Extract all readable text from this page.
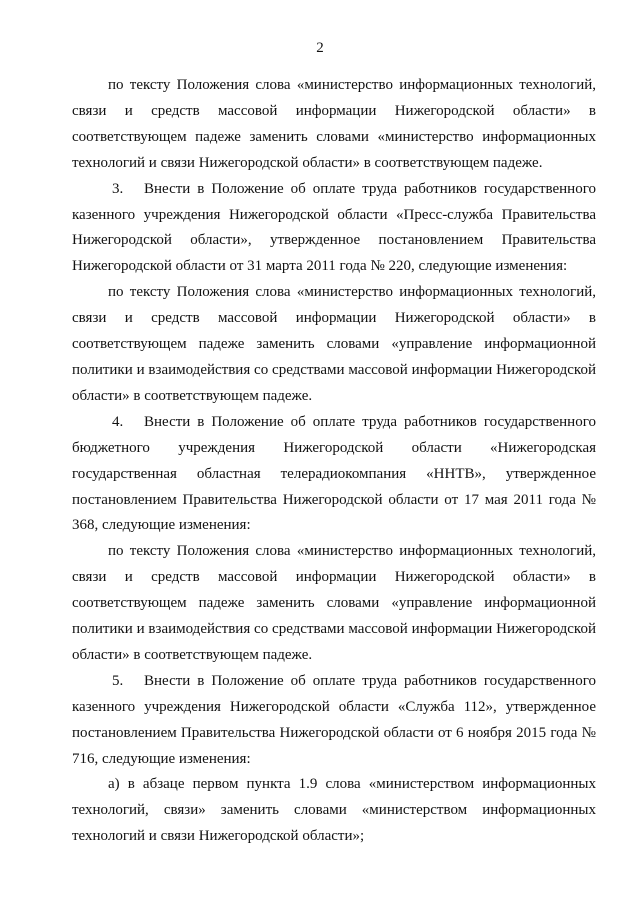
2

по тексту Положения слова «министерство информационных технологий, связи и средств массовой информации Нижегородской области» в соответствующем падеже заменить словами «министерство информационных технологий и связи Нижегородской области» в соответствующем падеже.

3. Внести в Положение об оплате труда работников государственного казенного учреждения Нижегородской области «Пресс-служба Правительства Нижегородской области», утвержденное постановлением Правительства Нижегородской области от 31 марта 2011 года № 220, следующие изменения:

по тексту Положения слова «министерство информационных технологий, связи и средств массовой информации Нижегородской области» в соответствующем падеже заменить словами «управление информационной политики и взаимодействия со средствами массовой информации Нижегородской области» в соответствующем падеже.

4. Внести в Положение об оплате труда работников государственного бюджетного учреждения Нижегородской области «Нижегородская государственная областная телерадиокомпания «ННТВ», утвержденное постановлением Правительства Нижегородской области от 17 мая 2011 года № 368, следующие изменения:

по тексту Положения слова «министерство информационных технологий, связи и средств массовой информации Нижегородской области» в соответствующем падеже заменить словами «управление информационной политики и взаимодействия со средствами массовой информации Нижегородской области» в соответствующем падеже.

5. Внести в Положение об оплате труда работников государственного казенного учреждения Нижегородской области «Служба 112», утвержденное постановлением Правительства Нижегородской области от 6 ноября 2015 года № 716, следующие изменения:

а) в абзаце первом пункта 1.9 слова «министерством информационных технологий, связи» заменить словами «министерством информационных технологий и связи Нижегородской области»;
